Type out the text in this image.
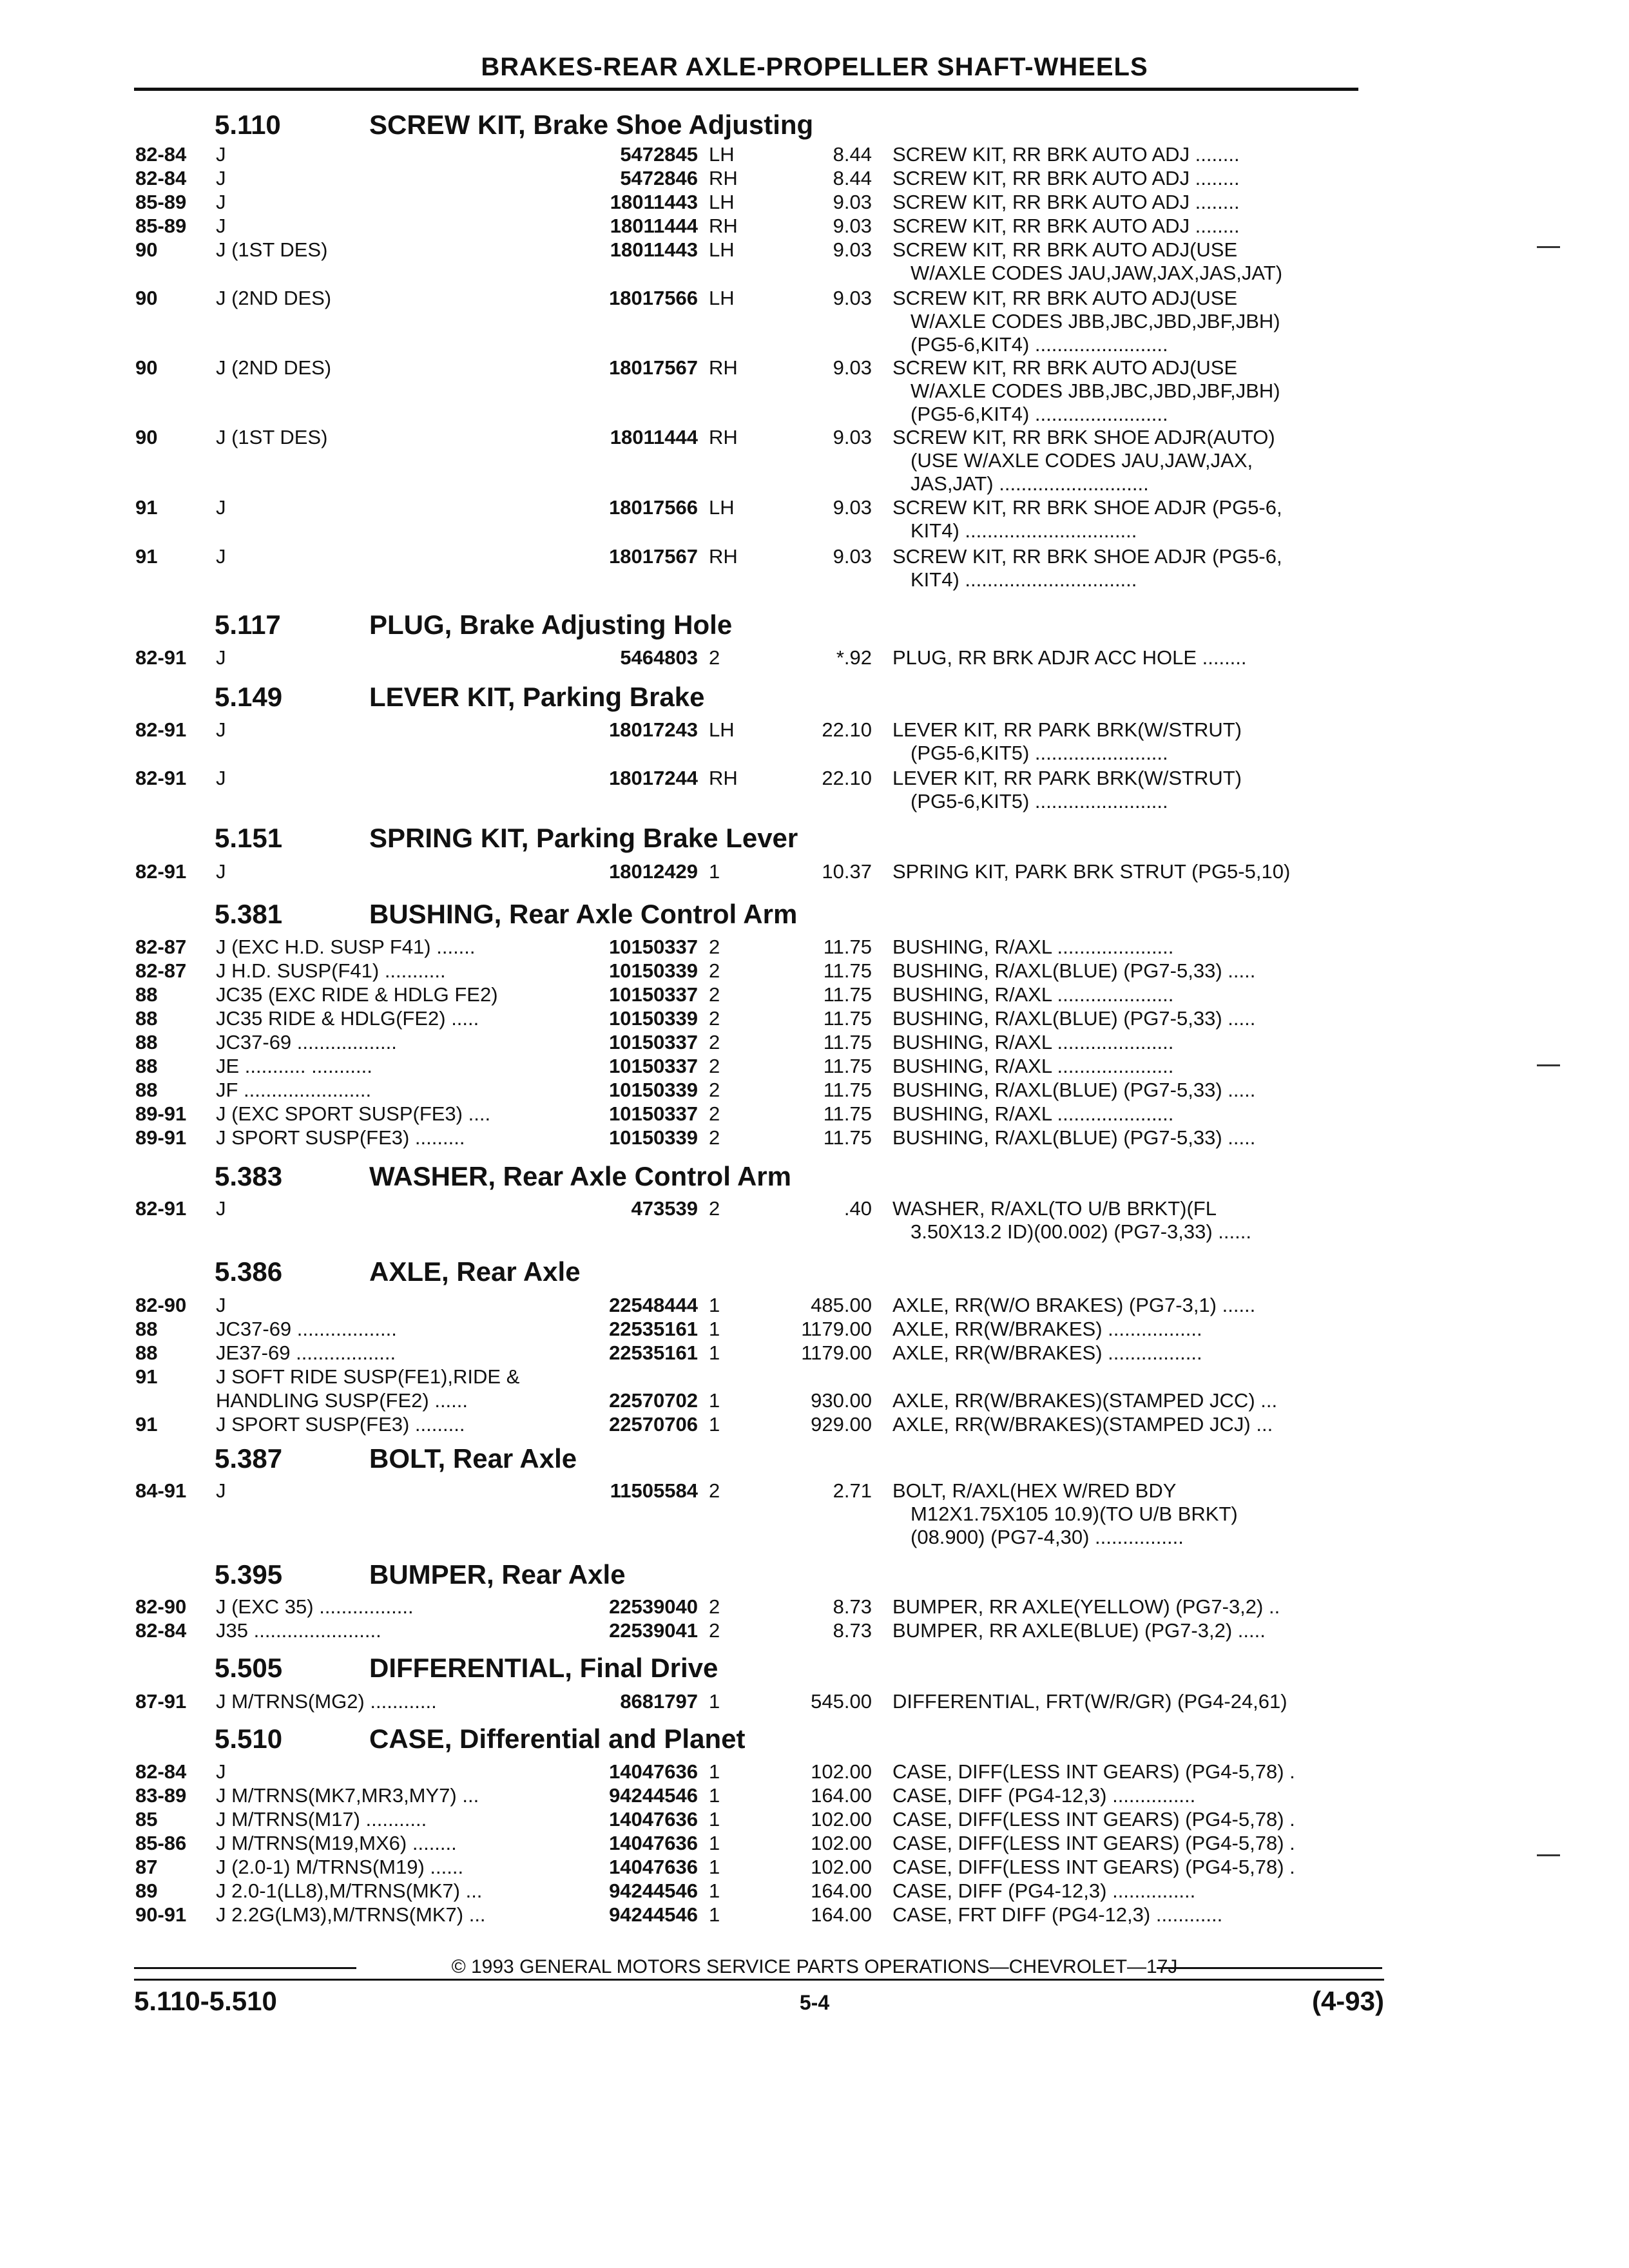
BRAKES-REAR AXLE-PROPELLER SHAFT-WHEELS
5.110	SCREW KIT, Brake Shoe Adjusting
82-84 J	5472845 LH	8.44 SCREW KIT, RR BRK AUTO ADJ ........
82-84 J	5472846 RH	8.44 SCREW KIT, RR BRK AUTO ADJ ........
85-89 J	18011443 LH	9.03 SCREW KIT, RR BRK AUTO ADJ ........
85-89 J	18011444 RH	9.03 SCREW KIT, RR BRK AUTO ADJ ........
90	J (1ST DES)	18011443 LH	9.03 SCREW KIT, RR BRK AUTO ADJ(USE
W/AXLE CODES JAU,JAW,JAX,JAS,JAT)
90	J (2ND DES)	18017566 LH	9.03 SCREW KIT, RR BRK AUTO ADJ(USE
W/AXLE CODES JBB,JBC,JBD,JBF,JBH)
(PG5-6,KIT4) ........................
90	J (2ND DES)	18017567 RH	9.03 SCREW KIT, RR BRK AUTO ADJ(USE
W/AXLE CODES JBB,JBC,JBD,JBF,JBH)
(PG5-6,KIT4) ........................
90	J (1ST DES)	18011444 RH	9.03 SCREW KIT, RR BRK SHOE ADJR(AUTO)
(USE W/AXLE CODES JAU,JAW,JAX,
JAS,JAT) ...........................
91	J	18017566 LH	9.03 SCREW KIT, RR BRK SHOE ADJR (PG5-6,
KIT4) ...............................
91	J	18017567 RH	9.03 SCREW KIT, RR BRK SHOE ADJR (PG5-6,
KIT4) ...............................
5.117	PLUG, Brake Adjusting Hole
82-91 J	5464803 2	*.92 PLUG, RR BRK ADJR ACC HOLE ........
5.149	LEVER KIT, Parking Brake
82-91 J	18017243 LH	22.10 LEVER KIT, RR PARK BRK(W/STRUT)
(PG5-6,KIT5) ........................
82-91 J	18017244 RH	22.10 LEVER KIT, RR PARK BRK(W/STRUT)
(PG5-6,KIT5) ........................
5.151	SPRING KIT, Parking Brake Lever
82-91 J	18012429 1	10.37 SPRING KIT, PARK BRK STRUT (PG5-5,10)
5.381	BUSHING, Rear Axle Control Arm
82-87 J (EXC H.D. SUSP F41) .......	10150337 2	11.75 BUSHING, R/AXL .....................
82-87 J H.D. SUSP(F41) ...........	10150339 2	11.75 BUSHING, R/AXL(BLUE) (PG7-5,33) .....
88	JC35 (EXC RIDE & HDLG FE2)	10150337 2	11.75 BUSHING, R/AXL .....................
88	JC35 RIDE & HDLG(FE2) .....	10150339 2	11.75 BUSHING, R/AXL(BLUE) (PG7-5,33) .....
88	JC37-69 ..................	10150337 2	11.75 BUSHING, R/AXL .....................
88	JE ........... ...........	10150337 2	11.75 BUSHING, R/AXL .....................
88	JF .......................	10150339 2	11.75 BUSHING, R/AXL(BLUE) (PG7-5,33) .....
89-91 J (EXC SPORT SUSP(FE3) ....	10150337 2	11.75 BUSHING, R/AXL .....................
89-91 J SPORT SUSP(FE3) .........	10150339 2	11.75 BUSHING, R/AXL(BLUE) (PG7-5,33) .....
5.383	WASHER, Rear Axle Control Arm
82-91 J	473539 2	.40 WASHER, R/AXL(TO U/B BRKT)(FL
3.50X13.2 ID)(00.002) (PG7-3,33) ......
5.386	AXLE, Rear Axle
82-90 J	22548444 1	485.00 AXLE, RR(W/O BRAKES) (PG7-3,1) ......
88	JC37-69 ..................	22535161 1	1179.00 AXLE, RR(W/BRAKES) .................
88	JE37-69 ..................	22535161 1	1179.00 AXLE, RR(W/BRAKES) .................
91	J SOFT RIDE SUSP(FE1),RIDE &
HANDLING SUSP(FE2) ......	22570702 1	930.00 AXLE, RR(W/BRAKES)(STAMPED JCC) ...
91	J SPORT SUSP(FE3) .........	22570706 1	929.00 AXLE, RR(W/BRAKES)(STAMPED JCJ) ...
5.387	BOLT, Rear Axle
84-91 J	11505584 2	2.71 BOLT, R/AXL(HEX W/RED BDY
M12X1.75X105 10.9)(TO U/B BRKT)
(08.900) (PG7-4,30) ................
5.395	BUMPER, Rear Axle
82-90 J (EXC 35) .................	22539040 2	8.73 BUMPER, RR AXLE(YELLOW) (PG7-3,2) ..
82-84 J35 .......................	22539041 2	8.73 BUMPER, RR AXLE(BLUE) (PG7-3,2) .....
5.505	DIFFERENTIAL, Final Drive
87-91 J M/TRNS(MG2) ............	8681797 1	545.00 DIFFERENTIAL, FRT(W/R/GR) (PG4-24,61)
5.510	CASE, Differential and Planet
82-84 J	14047636 1	102.00 CASE, DIFF(LESS INT GEARS) (PG4-5,78) .
83-89 J M/TRNS(MK7,MR3,MY7) ...	94244546 1	164.00 CASE, DIFF (PG4-12,3) ...............
85	J M/TRNS(M17) ...........	14047636 1	102.00 CASE, DIFF(LESS INT GEARS) (PG4-5,78) .
85-86 J M/TRNS(M19,MX6) ........	14047636 1	102.00 CASE, DIFF(LESS INT GEARS) (PG4-5,78) .
87	J (2.0-1) M/TRNS(M19) ......	14047636 1	102.00 CASE, DIFF(LESS INT GEARS) (PG4-5,78) .
89	J 2.0-1(LL8),M/TRNS(MK7) ...	94244546 1	164.00 CASE, DIFF (PG4-12,3) ...............
90-91 J 2.2G(LM3),M/TRNS(MK7) ...	94244546 1	164.00 CASE, FRT DIFF (PG4-12,3) ............
© 1993 GENERAL MOTORS SERVICE PARTS OPERATIONS—CHEVROLET—17J
5.110-5.510	5-4	(4-93)
